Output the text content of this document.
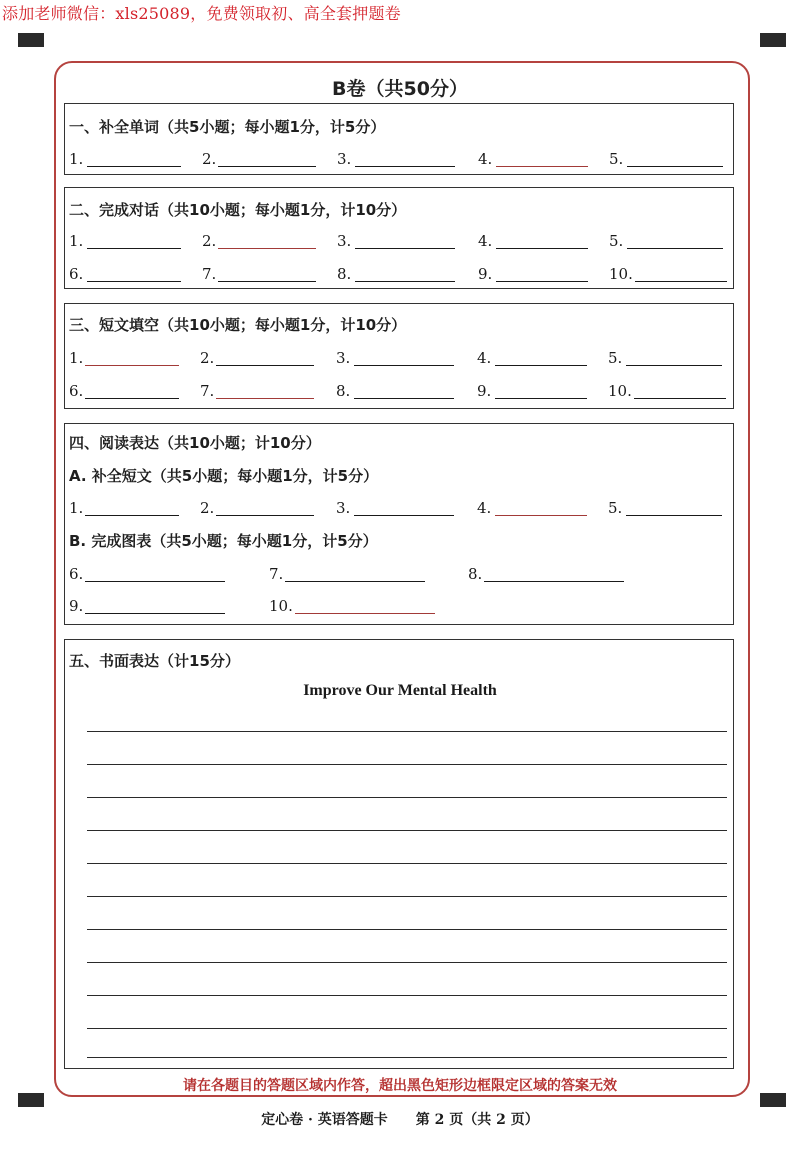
添加老师微信：xls25089，免费领取初、高全套押题卷
B卷（共50分）
一、补全单词（共5小题；每小题1分，计5分）
1.	2.	3.	4.	5.
二、完成对话（共10小题；每小题1分，计10分）
1.	2.	3.	4.	5.
6.	7.	8.	9.	10.
三、短文填空（共10小题；每小题1分，计10分）
1.	2.	3.	4.	5.
6.	7.	8.	9.	10.
四、阅读表达（共10小题；计10分）
A. 补全短文（共5小题；每小题1分，计5分）
1.	2.	3.	4.	5.
B. 完成图表（共5小题；每小题1分，计5分）
6.	7.	8.
9.	10.
五、书面表达（计15分）
Improve Our Mental Health
请在各题目的答题区域内作答，超出黑色矩形边框限定区域的答案无效
定心卷 · 英语答题卡　　第 2 页（共 2 页）
